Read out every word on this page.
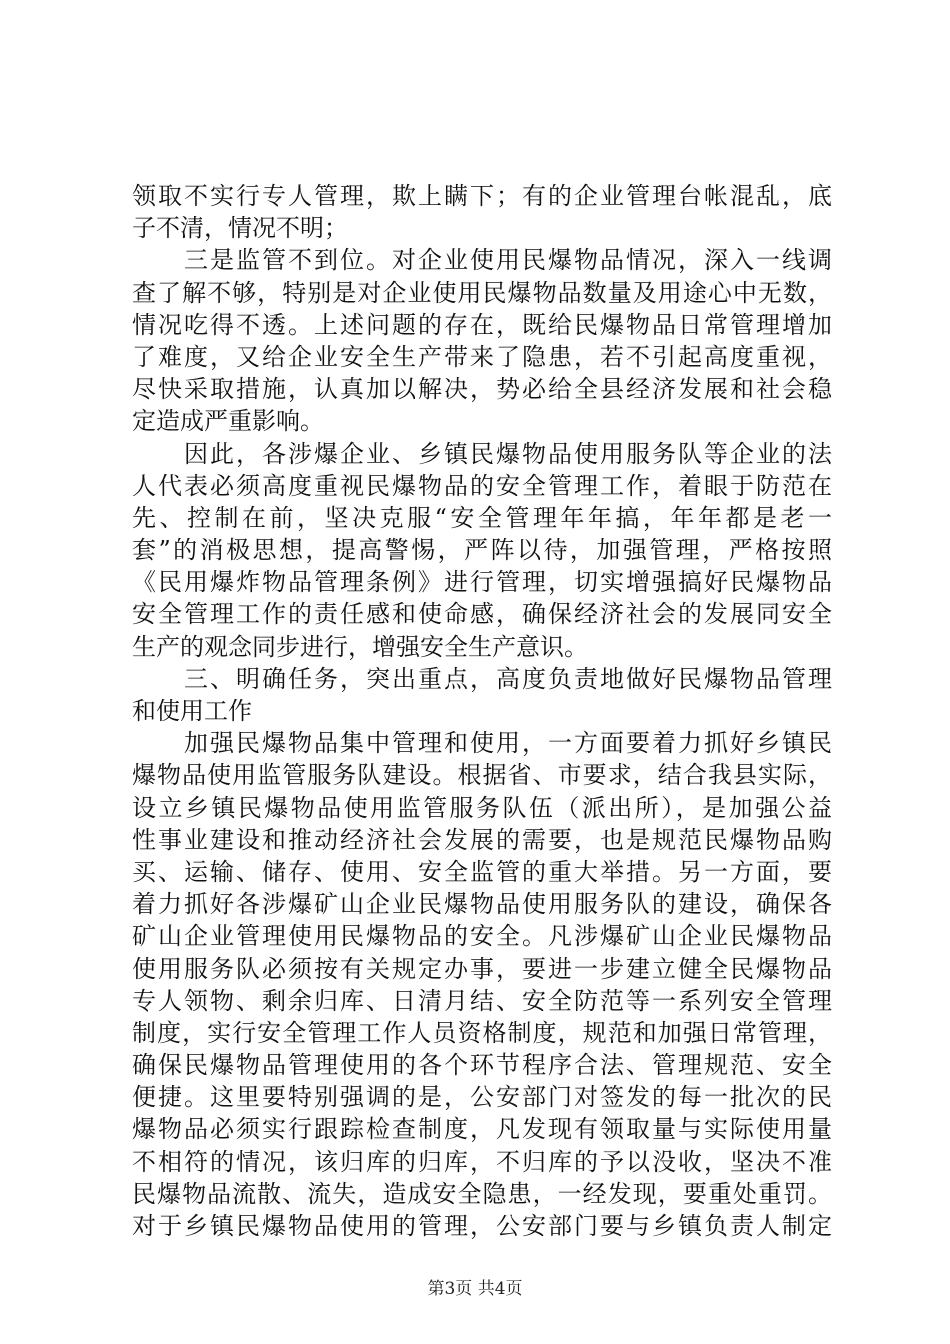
领取不实行专人管理，欺上瞒下；有的企业管理台帐混乱，底
子不清，情况不明；
　　三是监管不到位。对企业使用民爆物品情况，深入一线调
查了解不够，特别是对企业使用民爆物品数量及用途心中无数，
情况吃得不透。上述问题的存在，既给民爆物品日常管理增加
了难度，又给企业安全生产带来了隐患，若不引起高度重视，
尽快采取措施，认真加以解决，势必给全县经济发展和社会稳
定造成严重影响。
　　因此，各涉爆企业、乡镇民爆物品使用服务队等企业的法
人代表必须高度重视民爆物品的安全管理工作，着眼于防范在
先、控制在前，坚决克服“安全管理年年搞，年年都是老一
套”的消极思想，提高警惕，严阵以待，加强管理，严格按照
《民用爆炸物品管理条例》进行管理，切实增强搞好民爆物品
安全管理工作的责任感和使命感，确保经济社会的发展同安全
生产的观念同步进行，增强安全生产意识。
　　三、明确任务，突出重点，高度负责地做好民爆物品管理
和使用工作
　　加强民爆物品集中管理和使用，一方面要着力抓好乡镇民
爆物品使用监管服务队建设。根据省、市要求，结合我县实际，
设立乡镇民爆物品使用监管服务队伍（派出所），是加强公益
性事业建设和推动经济社会发展的需要，也是规范民爆物品购
买、运输、储存、使用、安全监管的重大举措。另一方面，要
着力抓好各涉爆矿山企业民爆物品使用服务队的建设，确保各
矿山企业管理使用民爆物品的安全。凡涉爆矿山企业民爆物品
使用服务队必须按有关规定办事，要进一步建立健全民爆物品
专人领物、剩余归库、日清月结、安全防范等一系列安全管理
制度，实行安全管理工作人员资格制度，规范和加强日常管理，
确保民爆物品管理使用的各个环节程序合法、管理规范、安全
便捷。这里要特别强调的是，公安部门对签发的每一批次的民
爆物品必须实行跟踪检查制度，凡发现有领取量与实际使用量
不相符的情况，该归库的归库，不归库的予以没收，坚决不准
民爆物品流散、流失，造成安全隐患，一经发现，要重处重罚。
对于乡镇民爆物品使用的管理，公安部门要与乡镇负责人制定
第3页 共4页
